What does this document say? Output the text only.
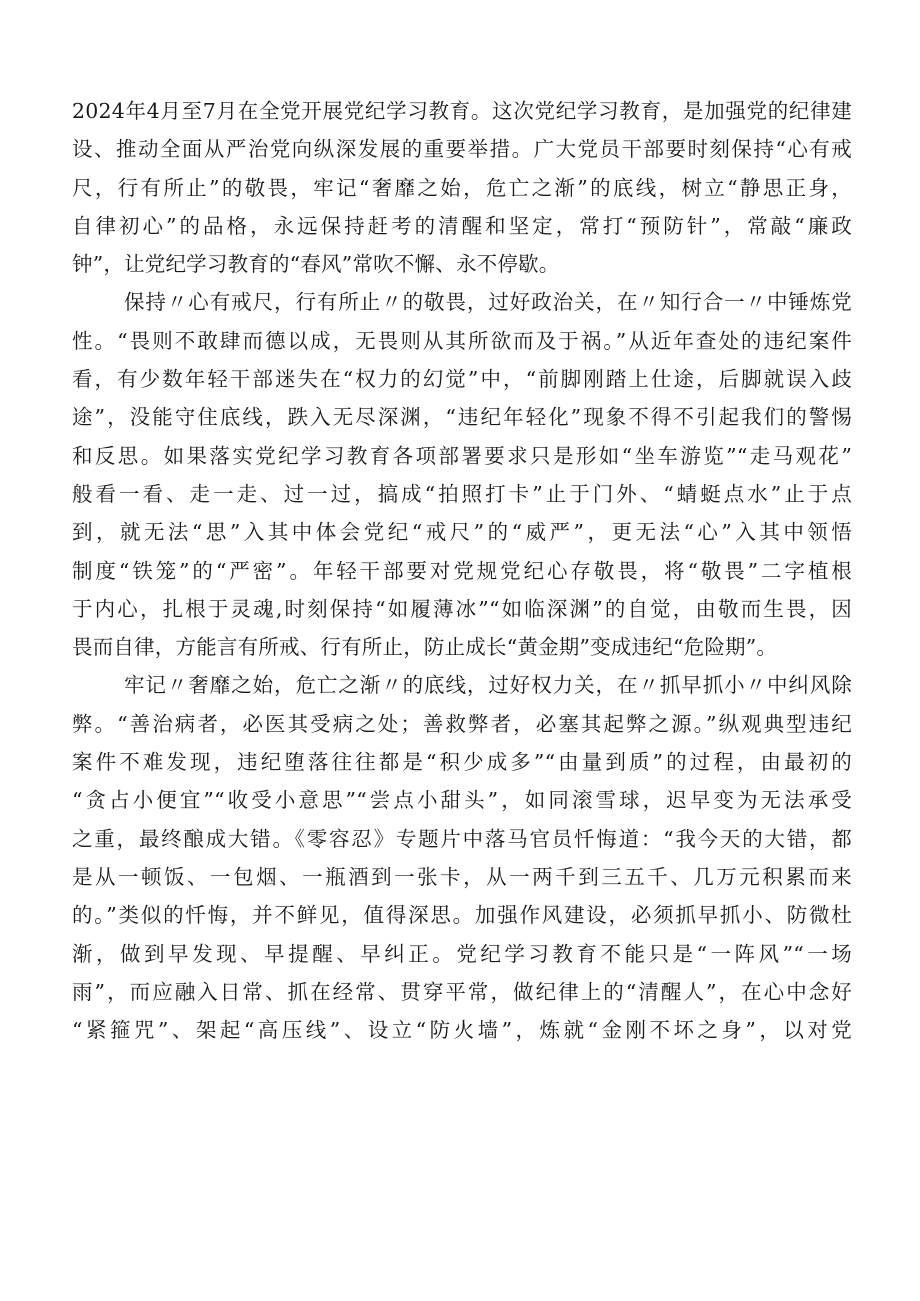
2024年4月至7月在全党开展党纪学习教育。这次党纪学习教育，是加强党的纪律建
设、推动全面从严治党向纵深发展的重要举措。广大党员干部要时刻保持“心有戒
尺，行有所止”的敬畏，牢记“奢靡之始，危亡之渐”的底线，树立“静思正身，
自律初心”的品格，永远保持赶考的清醒和坚定，常打“预防针”，常敲“廉政
钟”，让党纪学习教育的“春风”常吹不懈、永不停歇。
保持〃心有戒尺，行有所止〃的敬畏，过好政治关，在〃知行合一〃中锤炼党
性。“畏则不敢肆而德以成，无畏则从其所欲而及于祸。”从近年查处的违纪案件
看，有少数年轻干部迷失在“权力的幻觉”中，“前脚刚踏上仕途，后脚就误入歧
途”，没能守住底线，跌入无尽深渊，“违纪年轻化”现象不得不引起我们的警惕
和反思。如果落实党纪学习教育各项部署要求只是形如“坐车游览”“走马观花”
般看一看、走一走、过一过，搞成“拍照打卡”止于门外、“蜻蜓点水”止于点
到，就无法“思”入其中体会党纪“戒尺”的“威严”，更无法“心”入其中领悟
制度“铁笼”的“严密”。年轻干部要对党规党纪心存敬畏，将“敬畏”二字植根
于内心，扎根于灵魂,时刻保持“如履薄冰”“如临深渊”的自觉，由敬而生畏，因
畏而自律，方能言有所戒、行有所止，防止成长“黄金期”变成违纪“危险期”。
牢记〃奢靡之始，危亡之渐〃的底线，过好权力关，在〃抓早抓小〃中纠风除
弊。“善治病者，必医其受病之处；善救弊者，必塞其起弊之源。”纵观典型违纪
案件不难发现，违纪堕落往往都是“积少成多”“由量到质”的过程，由最初的
“贪占小便宜”“收受小意思”“尝点小甜头”，如同滚雪球，迟早变为无法承受
之重，最终酿成大错。《零容忍》专题片中落马官员忏悔道：“我今天的大错，都
是从一顿饭、一包烟、一瓶酒到一张卡，从一两千到三五千、几万元积累而来
的。”类似的忏悔，并不鲜见，值得深思。加强作风建设，必须抓早抓小、防微杜
渐，做到早发现、早提醒、早纠正。党纪学习教育不能只是“一阵风”“一场
雨”，而应融入日常、抓在经常、贯穿平常，做纪律上的“清醒人”，在心中念好
“紧箍咒”、架起“高压线”、设立“防火墙”，炼就“金刚不坏之身”，以对党
